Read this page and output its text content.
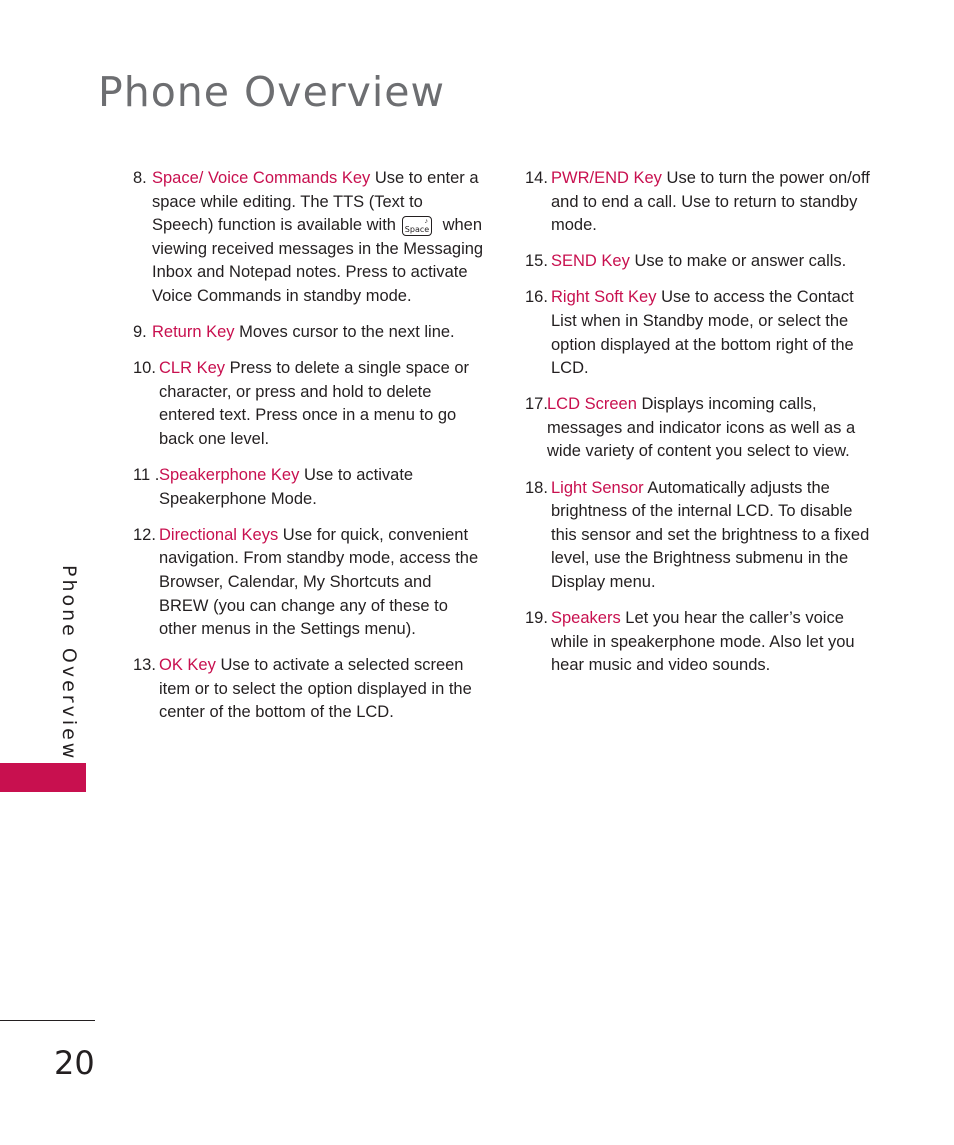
Phone Overview
8. Space/ Voice Commands Key Use to enter a space while editing. The TTS (Text to Speech) function is available with	♪
Space when viewing received messages in the Messaging Inbox and Notepad notes. Press to activate Voice Commands in standby mode.
9. Return Key Moves cursor to the next line.
10. CLR Key Press to delete a single space or character, or press and hold to delete entered text. Press once in a menu to go back one level.
11 . Speakerphone Key Use to activate Speakerphone Mode.
12. Directional Keys Use for quick, convenient navigation. From standby mode, access the Browser, Calendar, My Shortcuts and BREW (you can change any of these to other menus in the Settings menu).
13. OK Key Use to activate a selected screen item or to select the option displayed in the center of the bottom of the LCD.
14. PWR/END Key Use to turn the power on/off and to end a call. Use to return to standby mode.
15. SEND Key Use to make or answer calls.
16. Right Soft Key Use to access the Contact List when in Standby mode, or select the option displayed at the bottom right of the LCD.
17. LCD Screen Displays incoming calls, messages and indicator icons as well as a wide variety of content you select to view.
18. Light Sensor Automatically adjusts the brightness of the internal LCD. To disable this sensor and set the brightness to a fixed level, use the Brightness submenu in the Display menu.
19. Speakers Let you hear the caller’s voice while in speakerphone mode. Also let you hear music and video sounds.
Phone Overview
20
